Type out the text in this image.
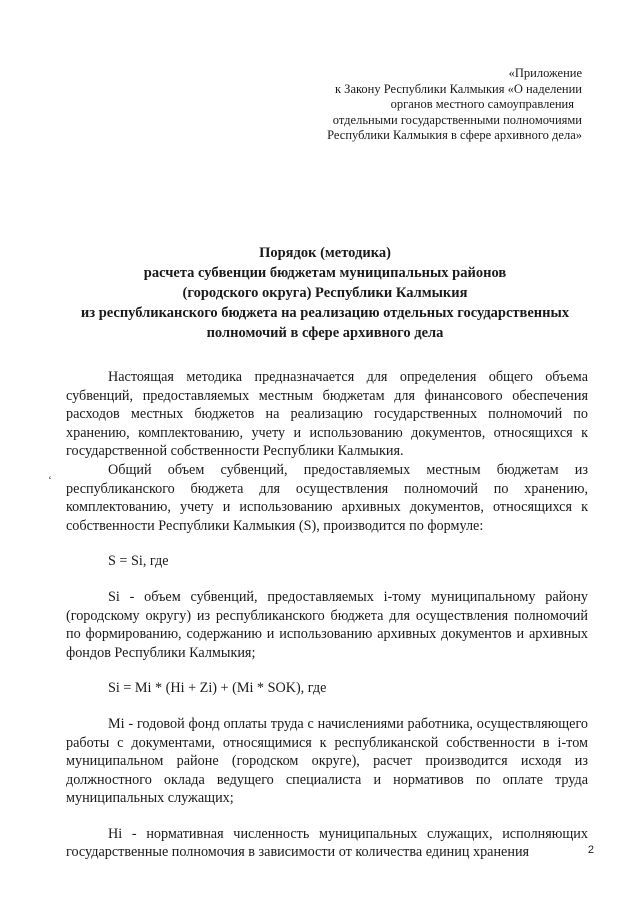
«Приложение
к Закону Республики Калмыкия «О наделении
органов местного самоуправления
отдельными государственными полномочиями
Республики Калмыкия в сфере архивного дела»
Порядок (методика)
расчета субвенции бюджетам муниципальных районов
(городского округа) Республики Калмыкия
из республиканского бюджета на реализацию отдельных государственных
полномочий в сфере архивного дела
Настоящая методика предназначается для определения общего объема субвенций, предоставляемых местным бюджетам для финансового обеспечения расходов местных бюджетов на реализацию государственных полномочий по хранению, комплектованию, учету и использованию документов, относящихся к государственной собственности Республики Калмыкия.
Общий объем субвенций, предоставляемых местным бюджетам из республиканского бюджета для осуществления полномочий по хранению, комплектованию, учету и использованию архивных документов, относящихся к собственности Республики Калмыкия (S), производится по формуле:
S = Si, где
Si - объем субвенций, предоставляемых i-тому муниципальному району (городскому округу) из республиканского бюджета для осуществления полномочий по формированию, содержанию и использованию архивных документов и архивных фондов Республики Калмыкия;
Si = Mi * (Hi + Zi) + (Mi * SOK), где
Mi - годовой фонд оплаты труда с начислениями работника, осуществляющего работы с документами, относящимися к республиканской собственности в i-том муниципальном районе (городском округе), расчет производится исходя из должностного оклада ведущего специалиста и нормативов по оплате труда муниципальных служащих;
Hi - нормативная численность муниципальных служащих, исполняющих государственные полномочия в зависимости от количества единиц хранения
‘
2
